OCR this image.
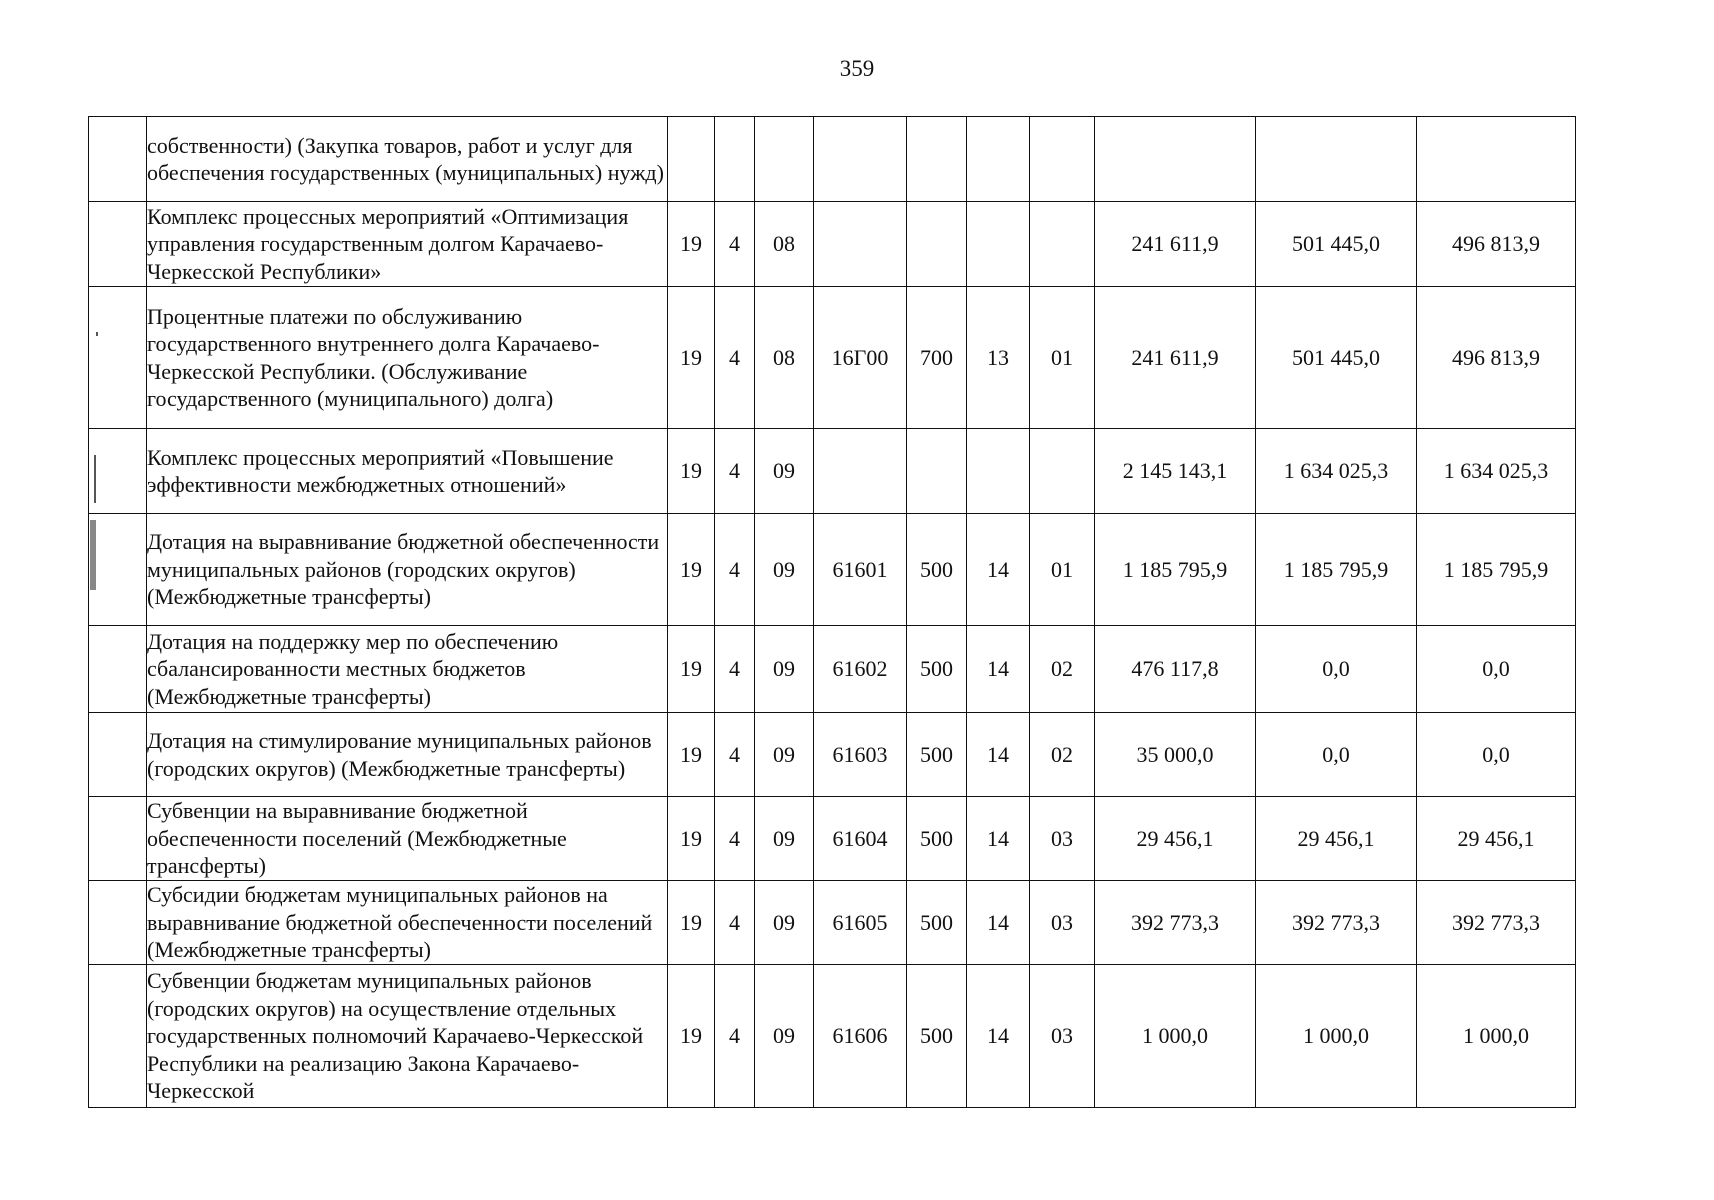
359
	собственности) (Закупка товаров, работ и услуг для обеспечения государственных (муниципальных) нужд)										
	Комплекс процессных мероприятий «Оптимизация управления государственным долгом Карачаево-Черкесской Республики»	19	4	08					241 611,9	501 445,0	496 813,9
	Процентные платежи по обслуживанию государственного внутреннего долга Карачаево-Черкесской Республики. (Обслуживание государственного (муниципального) долга)	19	4	08	16Г00	700	13	01	241 611,9	501 445,0	496 813,9
	Комплекс процессных мероприятий «Повышение эффективности межбюджетных отношений»	19	4	09					2 145 143,1	1 634 025,3	1 634 025,3
	Дотация на выравнивание бюджетной обеспеченности муниципальных районов (городских округов) (Межбюджетные трансферты)	19	4	09	61601	500	14	01	1 185 795,9	1 185 795,9	1 185 795,9
	Дотация на поддержку мер по обеспечению сбалансированности местных бюджетов (Межбюджетные трансферты)	19	4	09	61602	500	14	02	476 117,8	0,0	0,0
	Дотация на стимулирование муниципальных районов (городских округов) (Межбюджетные трансферты)	19	4	09	61603	500	14	02	35 000,0	0,0	0,0
	Субвенции на выравнивание бюджетной обеспеченности поселений (Межбюджетные трансферты)	19	4	09	61604	500	14	03	29 456,1	29 456,1	29 456,1
	Субсидии бюджетам муниципальных районов на выравнивание бюджетной обеспеченности поселений (Межбюджетные трансферты)	19	4	09	61605	500	14	03	392 773,3	392 773,3	392 773,3
	Субвенции бюджетам муниципальных районов (городских округов) на осуществление отдельных государственных полномочий Карачаево-Черкесской Республики на реализацию Закона Карачаево-Черкесской	19	4	09	61606	500	14	03	1 000,0	1 000,0	1 000,0
